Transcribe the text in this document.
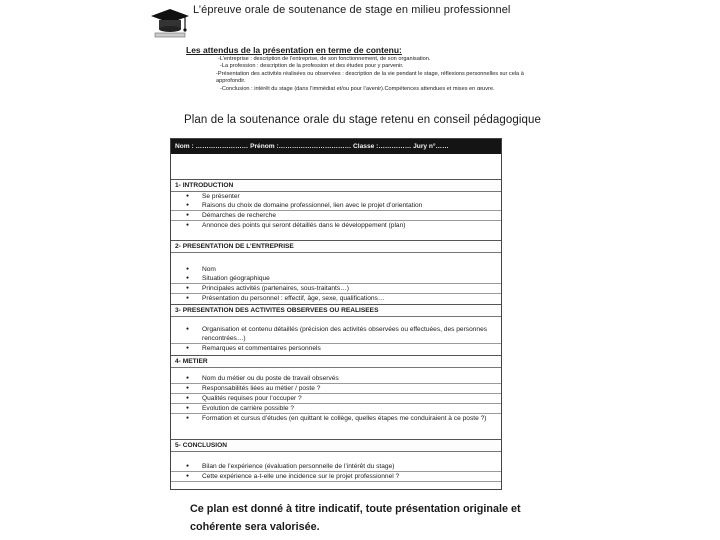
L’épreuve orale de soutenance de stage en milieu professionnel
Les attendus de la présentation en terme de contenu:
-L’entreprise : description de l’entreprise, de son fonctionnement, de son organisation.
-La profession : description de la profession et des études pour y parvenir.
-Présentation des activités réalisées ou observées : description de la vie pendant le stage, réflexions personnelles sur cela à approfondir.
-Conclusion : intérêt du stage (dans l’immédiat et/ou pour l’avenir).Compétences attendues et mises en œuvre.
Plan de la soutenance orale du stage retenu en conseil pédagogique
Nom : …………………… Prénom :…………………………… Classe :…………… Jury n°……
1- INTRODUCTION
● Se présenter
● Raisons du choix de domaine professionnel, lien avec le projet d’orientation
● Démarches de recherche
● Annonce des points qui seront détaillés dans le développement (plan)
2- PRESENTATION DE L’ENTREPRISE
● Nom
● Situation géographique
● Principales activités (partenaires, sous-traitants…)
● Présentation du personnel : effectif, âge, sexe, qualifications…
3- PRESENTATION DES ACTIVITES OBSERVEES OU REALISEES
● Organisation et contenu détaillés (précision des activités observées ou effectuées, des personnes rencontrées…)
● Remarques et commentaires personnels
4- METIER
● Nom du métier ou du poste de travail observés
● Responsabilités liées au métier / poste ?
● Qualités requises pour l’occuper ?
● Evolution de carrière possible ?
● Formation et cursus d’études (en quittant le collège, quelles étapes me conduiraient à ce poste ?)
5- CONCLUSION
● Bilan de l’expérience (évaluation personnelle de l’intérêt du stage)
● Cette expérience a-t-elle une incidence sur le projet professionnel ?
Ce plan est donné à titre indicatif, toute présentation originale et cohérente sera valorisée.
